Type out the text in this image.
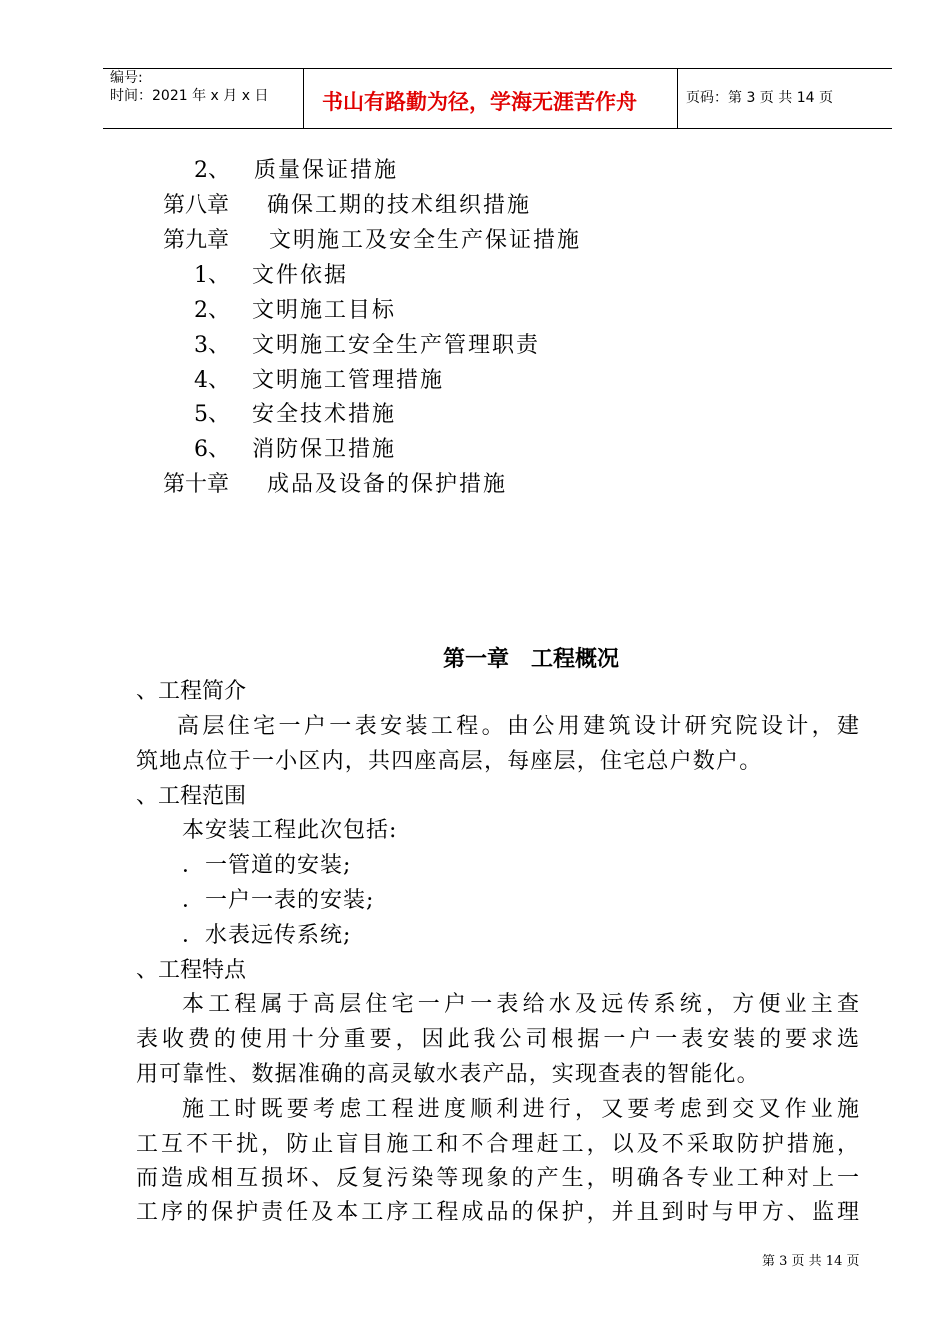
编号:
时间：2021 年 x 月 x 日	书山有路勤为径，学海无涯苦作舟	页码：第 3 页 共 14 页
2、 质量保证措施
第八章 确保工期的技术组织措施
第九章 文明施工及安全生产保证措施
1、 文件依据
2、 文明施工目标
3、 文明施工安全生产管理职责
4、 文明施工管理措施
5、 安全技术措施
6、 消防保卫措施
第十章 成品及设备的保护措施
第一章　工程概况
、工程简介
高层住宅一户一表安装工程。由公用建筑设计研究院设计，建
筑地点位于一小区内，共四座高层，每座层，住宅总户数户。
、工程范围
本安装工程此次包括:
．一管道的安装;
．一户一表的安装;
．水表远传系统;
、工程特点
本工程属于高层住宅一户一表给水及远传系统，方便业主查
表收费的使用十分重要，因此我公司根据一户一表安装的要求选
用可靠性、数据准确的高灵敏水表产品，实现查表的智能化。
施工时既要考虑工程进度顺利进行，又要考虑到交叉作业施
工互不干扰，防止盲目施工和不合理赶工，以及不采取防护措施，
而造成相互损坏、反复污染等现象的产生，明确各专业工种对上一
工序的保护责任及本工序工程成品的保护，并且到时与甲方、监理
第 3 页 共 14 页
